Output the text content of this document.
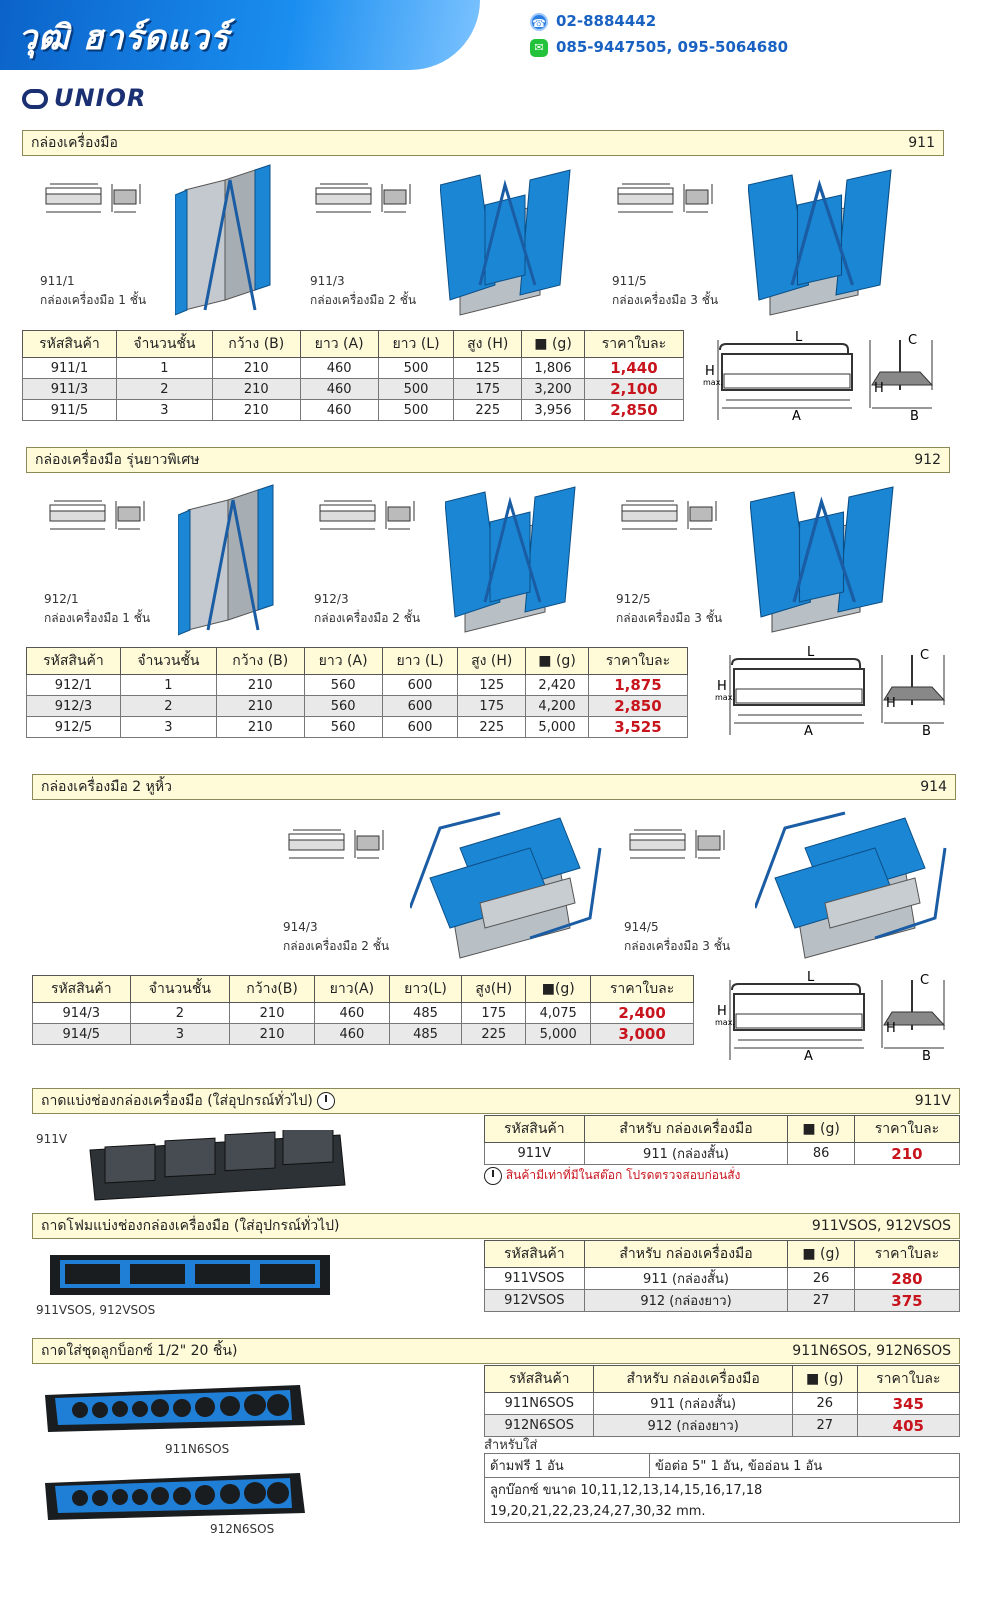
วุฒิ ฮาร์ดแวร์
UNIOR
☎ 02-8884442
✉ 085-9447505, 095-5064680
กล่องเครื่องมือ	911
911/1
กล่องเครื่องมือ 1 ชั้น
911/3
กล่องเครื่องมือ 2 ชั้น
911/5
กล่องเครื่องมือ 3 ชั้น
รหัสสินค้า	จำนวนชั้น	กว้าง (B)	ยาว (A)	ยาว (L)	สูง (H)	■ (g)	ราคาใบละ
911/1	1	210	460	500	125	1,806	1,440
911/3	2	210	460	500	175	3,200	2,100
911/5	3	210	460	500	225	3,956	2,850
L
H
max.
A
C
H
B
กล่องเครื่องมือ รุ่นยาวพิเศษ	912
912/1
กล่องเครื่องมือ 1 ชั้น
912/3
กล่องเครื่องมือ 2 ชั้น
912/5
กล่องเครื่องมือ 3 ชั้น
รหัสสินค้า	จำนวนชั้น	กว้าง (B)	ยาว (A)	ยาว (L)	สูง (H)	■ (g)	ราคาใบละ
912/1	1	210	560	600	125	2,420	1,875
912/3	2	210	560	600	175	4,200	2,850
912/5	3	210	560	600	225	5,000	3,525
L
H
max.
A
C
H
B
กล่องเครื่องมือ 2 หูหิ้ว	914
914/3
กล่องเครื่องมือ 2 ชั้น
914/5
กล่องเครื่องมือ 3 ชั้น
รหัสสินค้า	จำนวนชั้น	กว้าง(B)	ยาว(A)	ยาว(L)	สูง(H)	■(g)	ราคาใบละ
914/3	2	210	460	485	175	4,075	2,400
914/5	3	210	460	485	225	5,000	3,000
L
H
max.
A
C
H
B
ถาดแบ่งช่องกล่องเครื่องมือ (ใส่อุปกรณ์ทั่วไป)	911V
911V
รหัสสินค้า	สำหรับ กล่องเครื่องมือ	■ (g)	ราคาใบละ
911V	911 (กล่องสั้น)	86	210
สินค้ามีเท่าที่มีในสต๊อก โปรดตรวจสอบก่อนสั่ง
ถาดโฟมแบ่งช่องกล่องเครื่องมือ (ใส่อุปกรณ์ทั่วไป)	911VSOS, 912VSOS
911VSOS, 912VSOS
รหัสสินค้า	สำหรับ กล่องเครื่องมือ	■ (g)	ราคาใบละ
911VSOS	911 (กล่องสั้น)	26	280
912VSOS	912 (กล่องยาว)	27	375
ถาดใส่ชุดลูกบ็อกซ์ 1/2" 20 ชิ้น)	911N6SOS, 912N6SOS
911N6SOS
912N6SOS
รหัสสินค้า	สำหรับ กล่องเครื่องมือ	■ (g)	ราคาใบละ
911N6SOS	911 (กล่องสั้น)	26	345
912N6SOS	912 (กล่องยาว)	27	405
สำหรับใส่
ด้ามฟรี 1 อัน	ข้อต่อ 5" 1 อัน, ข้ออ่อน 1 อัน
ลูกบ๊อกซ์ ขนาด 10,11,12,13,14,15,16,17,18
19,20,21,22,23,24,27,30,32 mm.
